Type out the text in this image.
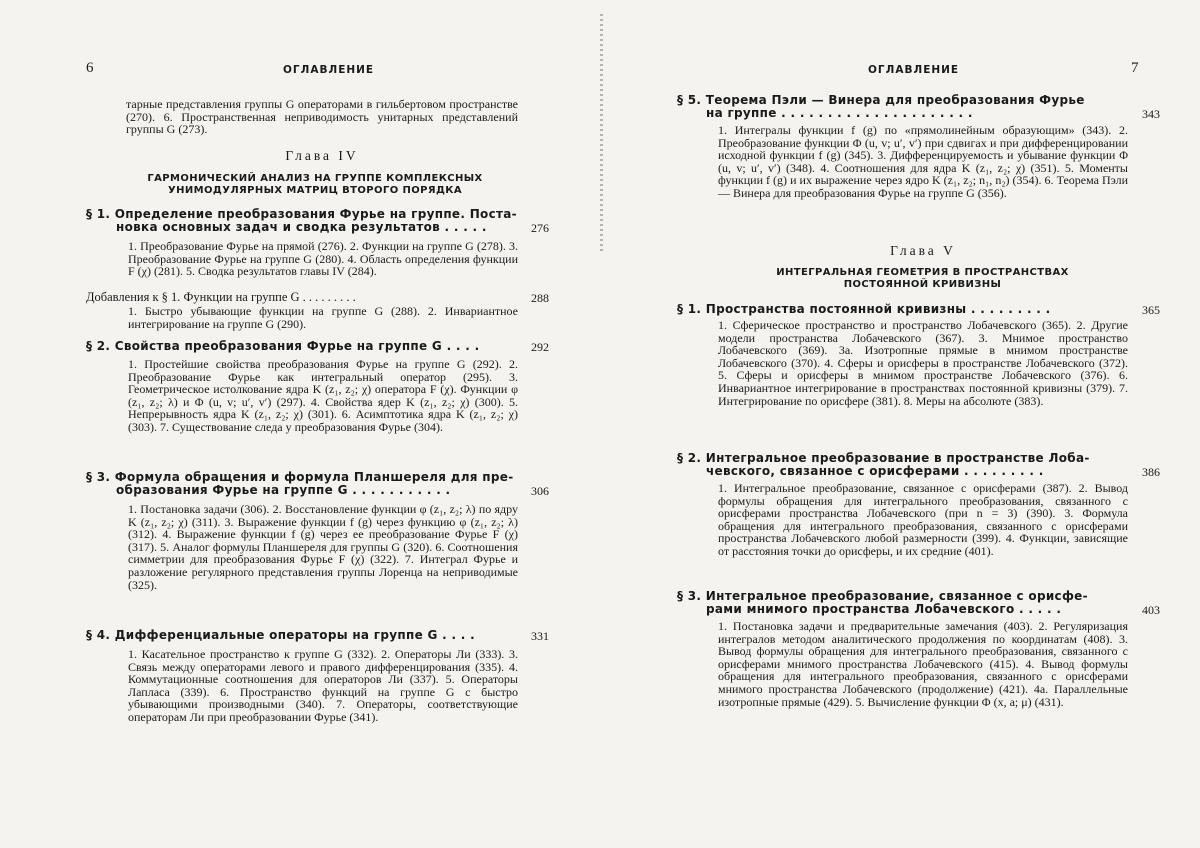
6	ОГЛАВЛЕНИЕ
тарные представления группы G операторами в гильбертовом пространстве (270). 6. Пространственная неприводимость унитарных представлений группы G (273).
Глава IV
ГАРМОНИЧЕСКИЙ АНАЛИЗ НА ГРУППЕ КОМПЛЕКСНЫХ
УНИМОДУЛЯРНЫХ МАТРИЦ ВТОРОГО ПОРЯДКА
§ 1. Определение преобразования Фурье на группе. Поста-
новка основных задач и сводка результатов . . . . .	276
1. Преобразование Фурье на прямой (276). 2. Функции на группе G (278). 3. Преобразование Фурье на группе G (280). 4. Область определения функции F (χ) (281). 5. Сводка результатов главы IV (284).
Добавления к § 1. Функции на группе G . . . . . . . . .	288
1. Быстро убывающие функции на группе G (288). 2. Инвариантное интегрирование на группе G (290).
§ 2. Свойства преобразования Фурье на группе G . . . .	292
1. Простейшие свойства преобразования Фурье на группе G (292). 2. Преобразование Фурье как интегральный оператор (295). 3. Геометрическое истолкование ядра K (z₁, z₂; χ) оператора F (χ). Функции φ (z₁, z₂; λ) и Φ (u, v; u′, v′) (297). 4. Свойства ядер K (z₁, z₂; χ) (300). 5. Непрерывность ядра K (z₁, z₂; χ) (301). 6. Асимптотика ядра K (z₁, z₂; χ) (303). 7. Существование следа у преобразования Фурье (304).
§ 3. Формула обращения и формула Планшереля для пре-
образования Фурье на группе G . . . . . . . . . . .	306
1. Постановка задачи (306). 2. Восстановление функции φ (z₁, z₂; λ) по ядру K (z₁, z₂; χ) (311). 3. Выражение функции f (g) через функцию φ (z₁, z₂; λ) (312). 4. Выражение функции f (g) через ее преобразование Фурье F (χ) (317). 5. Аналог формулы Планшереля для группы G (320). 6. Соотношения симметрии для преобразования Фурье F (χ) (322). 7. Интеграл Фурье и разложение регулярного представления группы Лоренца на неприводимые (325).
§ 4. Дифференциальные операторы на группе G . . . .	331
1. Касательное пространство к группе G (332). 2. Операторы Ли (333). 3. Связь между операторами левого и правого дифференцирования (335). 4. Коммутационные соотношения для операторов Ли (337). 5. Операторы Лапласа (339). 6. Пространство функций на группе G с быстро убывающими производными (340). 7. Операторы, соответствующие операторам Ли при преобразовании Фурье (341).
ОГЛАВЛЕНИЕ	7
§ 5. Теорема Пэли — Винера для преобразования Фурье
на группе . . . . . . . . . . . . . . . . . . . . .	343
1. Интегралы функции f (g) по «прямолинейным образующим» (343). 2. Преобразование функции Φ (u, v; u′, v′) при сдвигах и при дифференцировании исходной функции f (g) (345). 3. Дифференцируемость и убывание функции Φ (u, v; u′, v′) (348). 4. Соотношения для ядра K (z₁, z₂; χ) (351). 5. Моменты функции f (g) и их выражение через ядро K (z₁, z₂; n₁, n₂) (354). 6. Теорема Пэли — Винера для преобразования Фурье на группе G (356).
Глава V
ИНТЕГРАЛЬНАЯ ГЕОМЕТРИЯ В ПРОСТРАНСТВАХ
ПОСТОЯННОЙ КРИВИЗНЫ
§ 1. Пространства постоянной кривизны . . . . . . . . .	365
1. Сферическое пространство и пространство Лобачевского (365). 2. Другие модели пространства Лобачевского (367). 3. Мнимое пространство Лобачевского (369). 3а. Изотропные прямые в мнимом пространстве Лобачевского (370). 4. Сферы и орисферы в пространстве Лобачевского (372). 5. Сферы и орисферы в мнимом пространстве Лобачевского (376). 6. Инвариантное интегрирование в пространствах постоянной кривизны (379). 7. Интегрирование по орисфере (381). 8. Меры на абсолюте (383).
§ 2. Интегральное преобразование в пространстве Лоба-
чевского, связанное с орисферами . . . . . . . . .	386
1. Интегральное преобразование, связанное с орисферами (387). 2. Вывод формулы обращения для интегрального преобразования, связанного с орисферами пространства Лобачевского (при n = 3) (390). 3. Формула обращения для интегрального преобразования, связанного с орисферами пространства Лобачевского любой размерности (399). 4. Функции, зависящие от расстояния точки до орисферы, и их средние (401).
§ 3. Интегральное преобразование, связанное с орисфе-
рами мнимого пространства Лобачевского . . . . .	403
1. Постановка задачи и предварительные замечания (403). 2. Регуляризация интегралов методом аналитического продолжения по координатам (408). 3. Вывод формулы обращения для интегрального преобразования, связанного с орисферами мнимого пространства Лобачевского (415). 4. Вывод формулы обращения для интегрального преобразования, связанного с орисферами мнимого пространства Лобачевского (продолжение) (421). 4а. Параллельные изотропные прямые (429). 5. Вычисление функции Φ (x, a; μ) (431).
